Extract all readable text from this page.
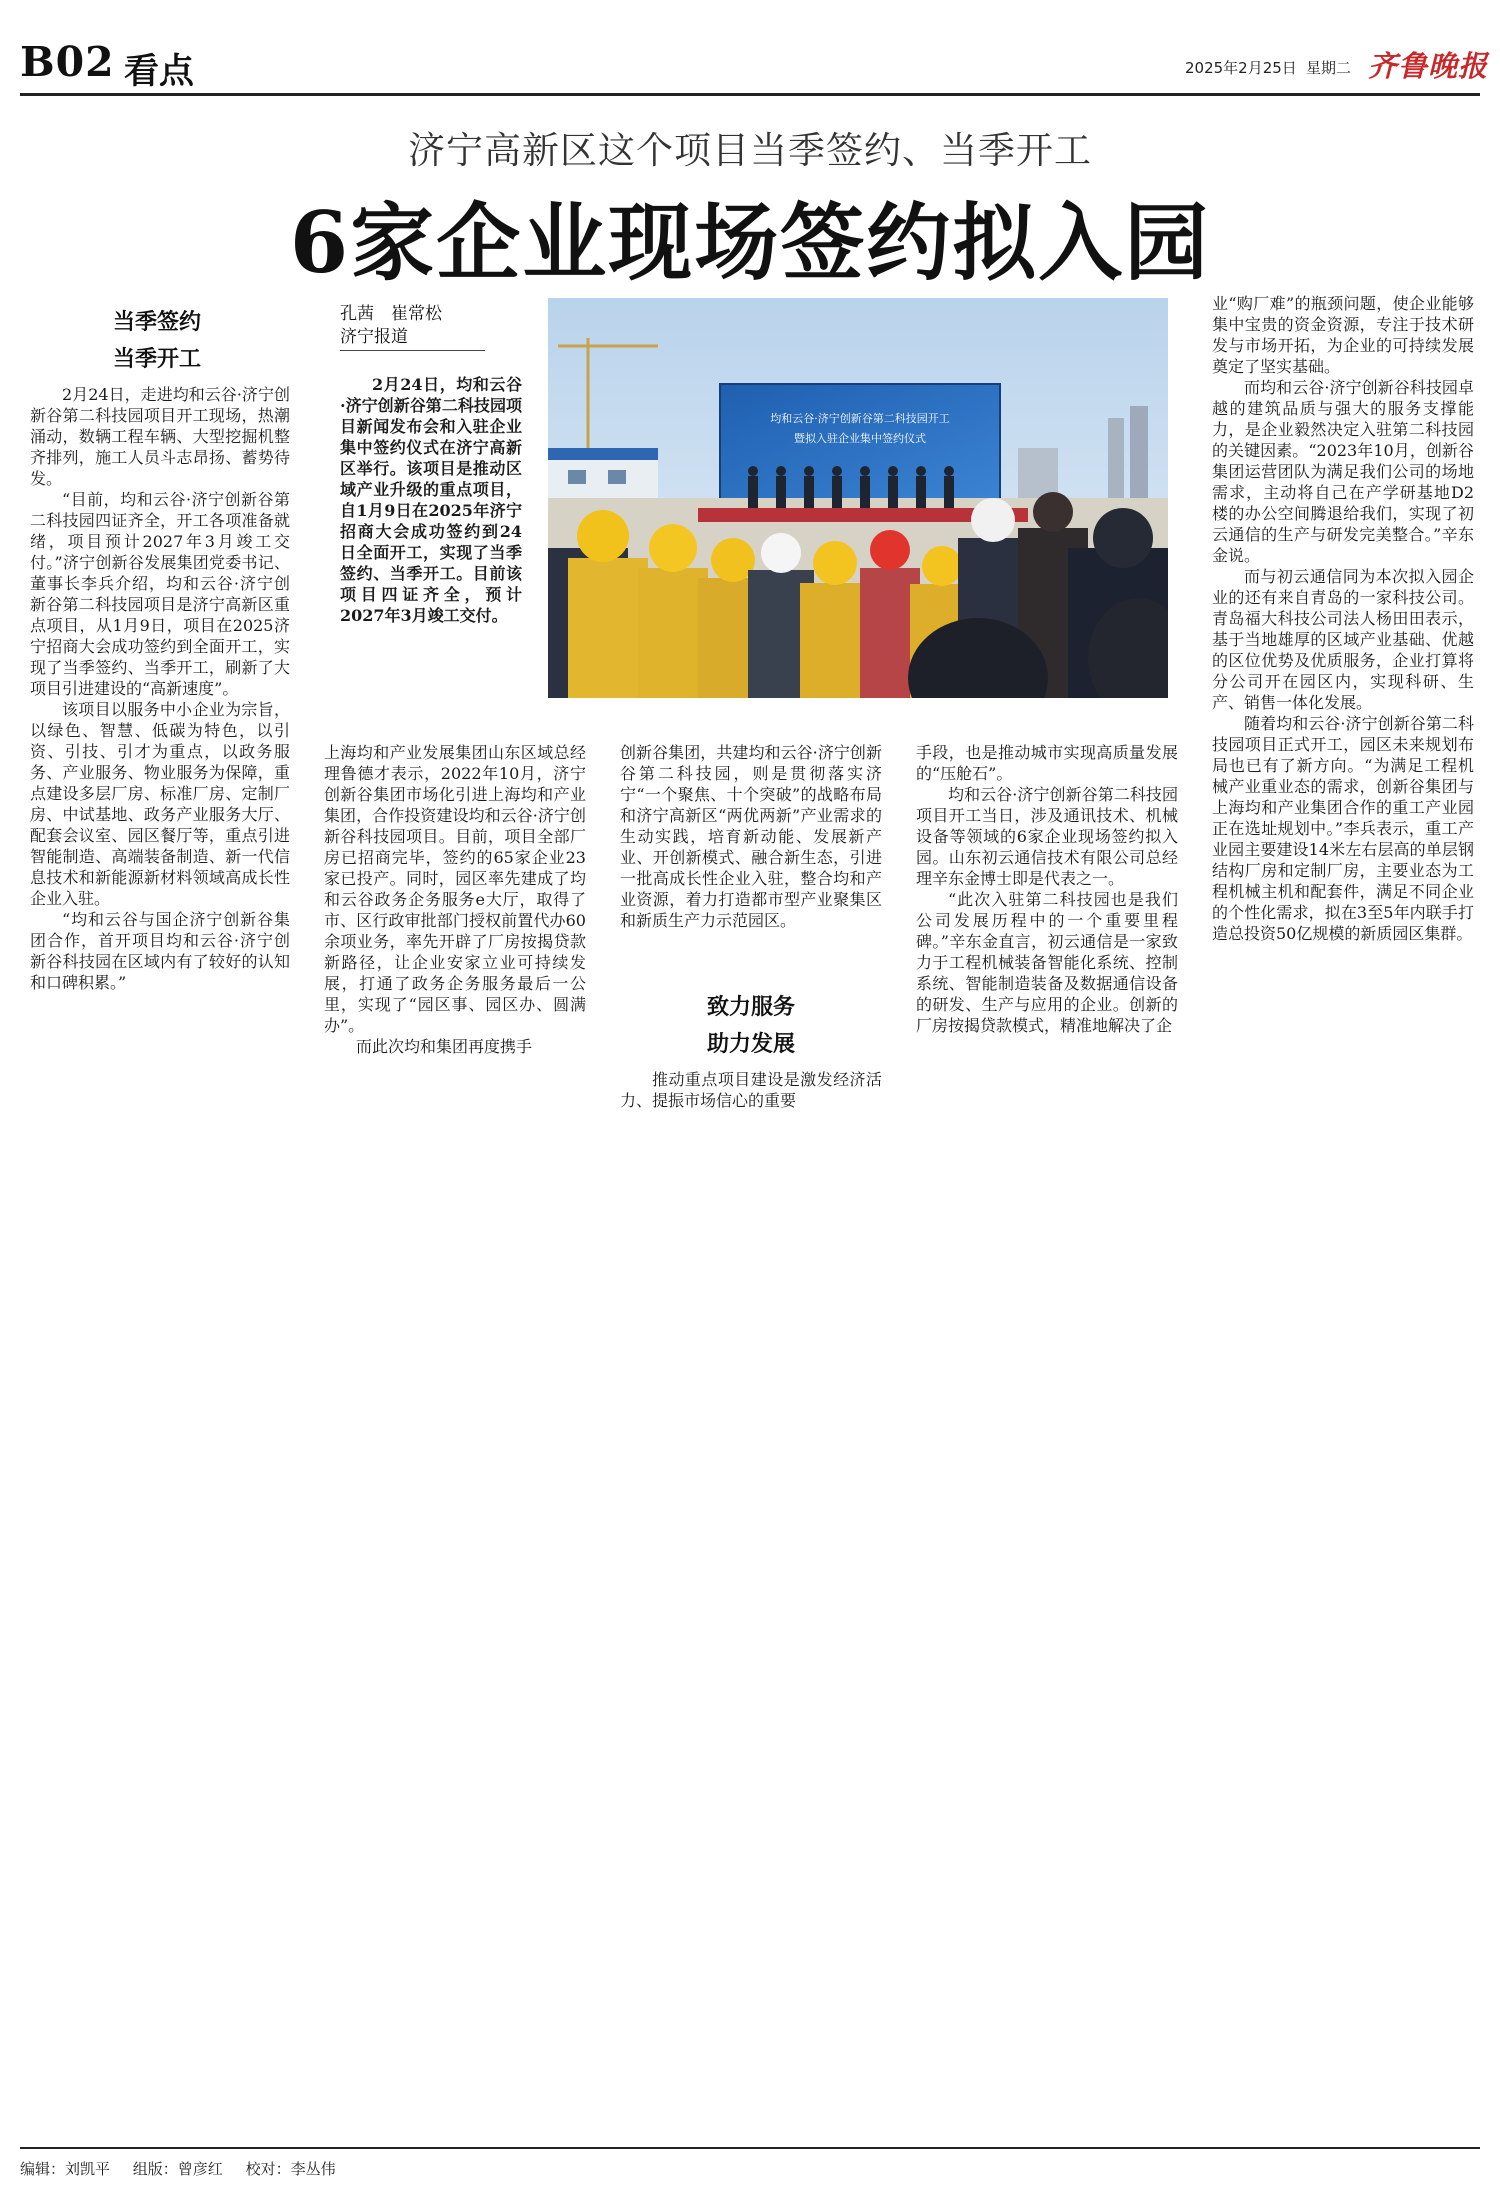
B02 看点	2025年2月25日 星期二 齐鲁晚报
济宁高新区这个项目当季签约、当季开工
6家企业现场签约拟入园
当季签约
当季开工

2月24日，走进均和云谷·济宁创新谷第二科技园项目开工现场，热潮涌动，数辆工程车辆、大型挖掘机整齐排列，施工人员斗志昂扬、蓄势待发。

“目前，均和云谷·济宁创新谷第二科技园四证齐全，开工各项准备就绪，项目预计2027年3月竣工交付。”济宁创新谷发展集团党委书记、董事长李兵介绍，均和云谷·济宁创新谷第二科技园项目是济宁高新区重点项目，从1月9日，项目在2025济宁招商大会成功签约到全面开工，实现了当季签约、当季开工，刷新了大项目引进建设的“高新速度”。

该项目以服务中小企业为宗旨，以绿色、智慧、低碳为特色，以引资、引技、引才为重点，以政务服务、产业服务、物业服务为保障，重点建设多层厂房、标准厂房、定制厂房、中试基地、政务产业服务大厅、配套会议室、园区餐厅等，重点引进智能制造、高端装备制造、新一代信息技术和新能源新材料领域高成长性企业入驻。

“均和云谷与国企济宁创新谷集团合作，首开项目均和云谷·济宁创新谷科技园在区域内有了较好的认知和口碑积累。”

孔茜　崔常松
济宁报道

2月24日，均和云谷·济宁创新谷第二科技园项目新闻发布会和入驻企业集中签约仪式在济宁高新区举行。该项目是推动区域产业升级的重点项目，自1月9日在2025年济宁招商大会成功签约到24日全面开工，实现了当季签约、当季开工。目前该项目四证齐全，预计2027年3月竣工交付。

均和云谷·济宁创新谷第二科技园开工
暨拟入驻企业集中签约仪式

上海均和产业发展集团山东区域总经理鲁德才表示，2022年10月，济宁创新谷集团市场化引进上海均和产业集团，合作投资建设均和云谷·济宁创新谷科技园项目。目前，项目全部厂房已招商完毕，签约的65家企业23家已投产。同时，园区率先建成了均和云谷政务企务服务e大厅，取得了市、区行政审批部门授权前置代办60余项业务，率先开辟了厂房按揭贷款新路径，让企业安家立业可持续发展，打通了政务企务服务最后一公里，实现了“园区事、园区办、圆满办”。

而此次均和集团再度携手

创新谷集团，共建均和云谷·济宁创新谷第二科技园，则是贯彻落实济宁“一个聚焦、十个突破”的战略布局和济宁高新区“两优两新”产业需求的生动实践，培育新动能、发展新产业、开创新模式、融合新生态，引进一批高成长性企业入驻，整合均和产业资源，着力打造都市型产业聚集区和新质生产力示范园区。

致力服务
助力发展

推动重点项目建设是激发经济活力、提振市场信心的重要

手段，也是推动城市实现高质量发展的“压舱石”。

均和云谷·济宁创新谷第二科技园项目开工当日，涉及通讯技术、机械设备等领域的6家企业现场签约拟入园。山东初云通信技术有限公司总经理辛东金博士即是代表之一。

“此次入驻第二科技园也是我们公司发展历程中的一个重要里程碑。”辛东金直言，初云通信是一家致力于工程机械装备智能化系统、控制系统、智能制造装备及数据通信设备的研发、生产与应用的企业。创新的厂房按揭贷款模式，精准地解决了企

业“购厂难”的瓶颈问题，使企业能够集中宝贵的资金资源，专注于技术研发与市场开拓，为企业的可持续发展奠定了坚实基础。

而均和云谷·济宁创新谷科技园卓越的建筑品质与强大的服务支撑能力，是企业毅然决定入驻第二科技园的关键因素。“2023年10月，创新谷集团运营团队为满足我们公司的场地需求，主动将自己在产学研基地D2楼的办公空间腾退给我们，实现了初云通信的生产与研发完美整合。”辛东金说。

而与初云通信同为本次拟入园企业的还有来自青岛的一家科技公司。青岛福大科技公司法人杨田田表示，基于当地雄厚的区域产业基础、优越的区位优势及优质服务，企业打算将分公司开在园区内，实现科研、生产、销售一体化发展。

随着均和云谷·济宁创新谷第二科技园项目正式开工，园区未来规划布局也已有了新方向。“为满足工程机械产业重业态的需求，创新谷集团与上海均和产业集团合作的重工产业园正在选址规划中。”李兵表示，重工产业园主要建设14米左右层高的单层钢结构厂房和定制厂房，主要业态为工程机械主机和配套件，满足不同企业的个性化需求，拟在3至5年内联手打造总投资50亿规模的新质园区集群。

编辑：刘凯平 组版：曾彦红 校对：李丛伟
